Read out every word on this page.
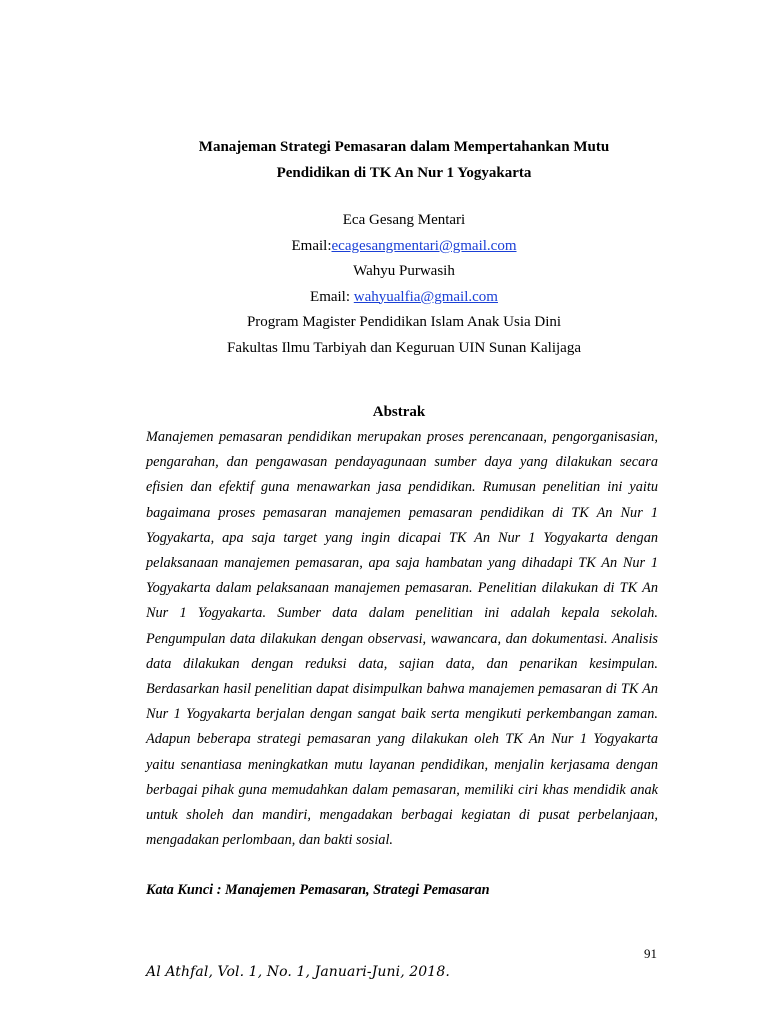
Manajeman Strategi Pemasaran dalam Mempertahankan Mutu
Pendidikan di TK An Nur 1 Yogyakarta
Eca Gesang Mentari
Email:ecagesangmentari@gmail.com
Wahyu Purwasih
Email: wahyualfia@gmail.com
Program Magister Pendidikan Islam Anak Usia Dini
Fakultas Ilmu Tarbiyah dan Keguruan UIN Sunan Kalijaga
Abstrak

Manajemen pemasaran pendidikan merupakan proses perencanaan, pengorganisasian, pengarahan, dan pengawasan pendayagunaan sumber daya yang dilakukan secara efisien dan efektif guna menawarkan jasa pendidikan. Rumusan penelitian ini yaitu bagaimana proses pemasaran manajemen pemasaran pendidikan di TK An Nur 1 Yogyakarta, apa saja target yang ingin dicapai TK An Nur 1 Yogyakarta dengan pelaksanaan manajemen pemasaran, apa saja hambatan yang dihadapi TK An Nur 1 Yogyakarta dalam pelaksanaan manajemen pemasaran. Penelitian dilakukan di TK An Nur 1 Yogyakarta. Sumber data dalam penelitian ini adalah kepala sekolah. Pengumpulan data dilakukan dengan observasi, wawancara, dan dokumentasi. Analisis data dilakukan dengan reduksi data, sajian data, dan penarikan kesimpulan. Berdasarkan hasil penelitian dapat disimpulkan bahwa manajemen pemasaran di TK An Nur 1 Yogyakarta berjalan dengan sangat baik serta mengikuti perkembangan zaman. Adapun beberapa strategi pemasaran yang dilakukan oleh TK An Nur 1 Yogyakarta yaitu senantiasa meningkatkan mutu layanan pendidikan, menjalin kerjasama dengan berbagai pihak guna memudahkan dalam pemasaran, memiliki ciri khas mendidik anak untuk sholeh dan mandiri, mengadakan berbagai kegiatan di pusat perbelanjaan, mengadakan perlombaan, dan bakti sosial.

Kata Kunci : Manajemen Pemasaran, Strategi Pemasaran
91
Al Athfal, Vol. 1, No. 1, Januari-Juni, 2018.
